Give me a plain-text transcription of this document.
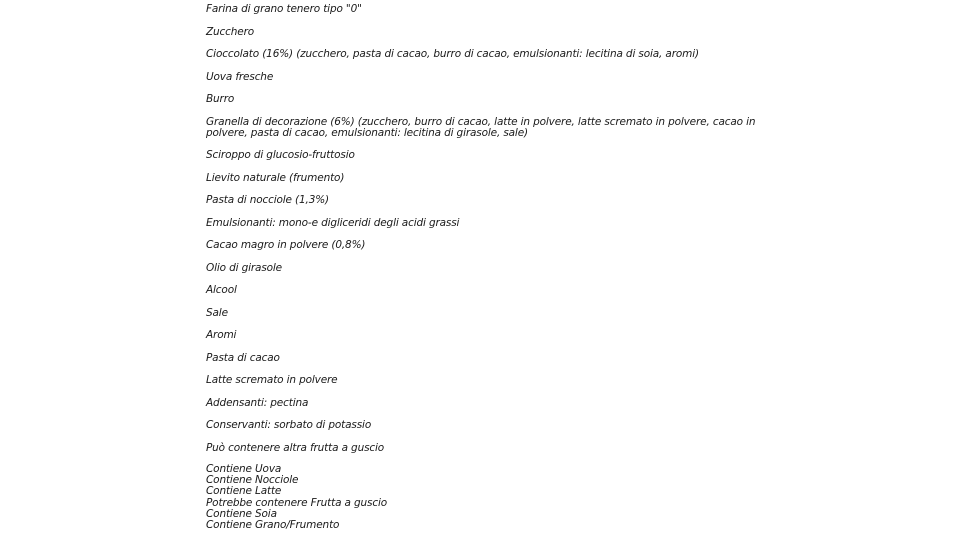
Farina di grano tenero tipo "0"
Zucchero
Cioccolato (16%) (zucchero, pasta di cacao, burro di cacao, emulsionanti: lecitina di soia, aromi)
Uova fresche
Burro
Granella di decorazione (6%) (zucchero, burro di cacao, latte in polvere, latte scremato in polvere, cacao in polvere, pasta di cacao, emulsionanti: lecitina di girasole, sale)
Sciroppo di glucosio-fruttosio
Lievito naturale (frumento)
Pasta di nocciole (1,3%)
Emulsionanti: mono-e digliceridi degli acidi grassi
Cacao magro in polvere (0,8%)
Olio di girasole
Alcool
Sale
Aromi
Pasta di cacao
Latte scremato in polvere
Addensanti: pectina
Conservanti: sorbato di potassio
Può contenere altra frutta a guscio
Contiene Uova
Contiene Nocciole
Contiene Latte
Potrebbe contenere Frutta a guscio
Contiene Soia
Contiene Grano/Frumento
